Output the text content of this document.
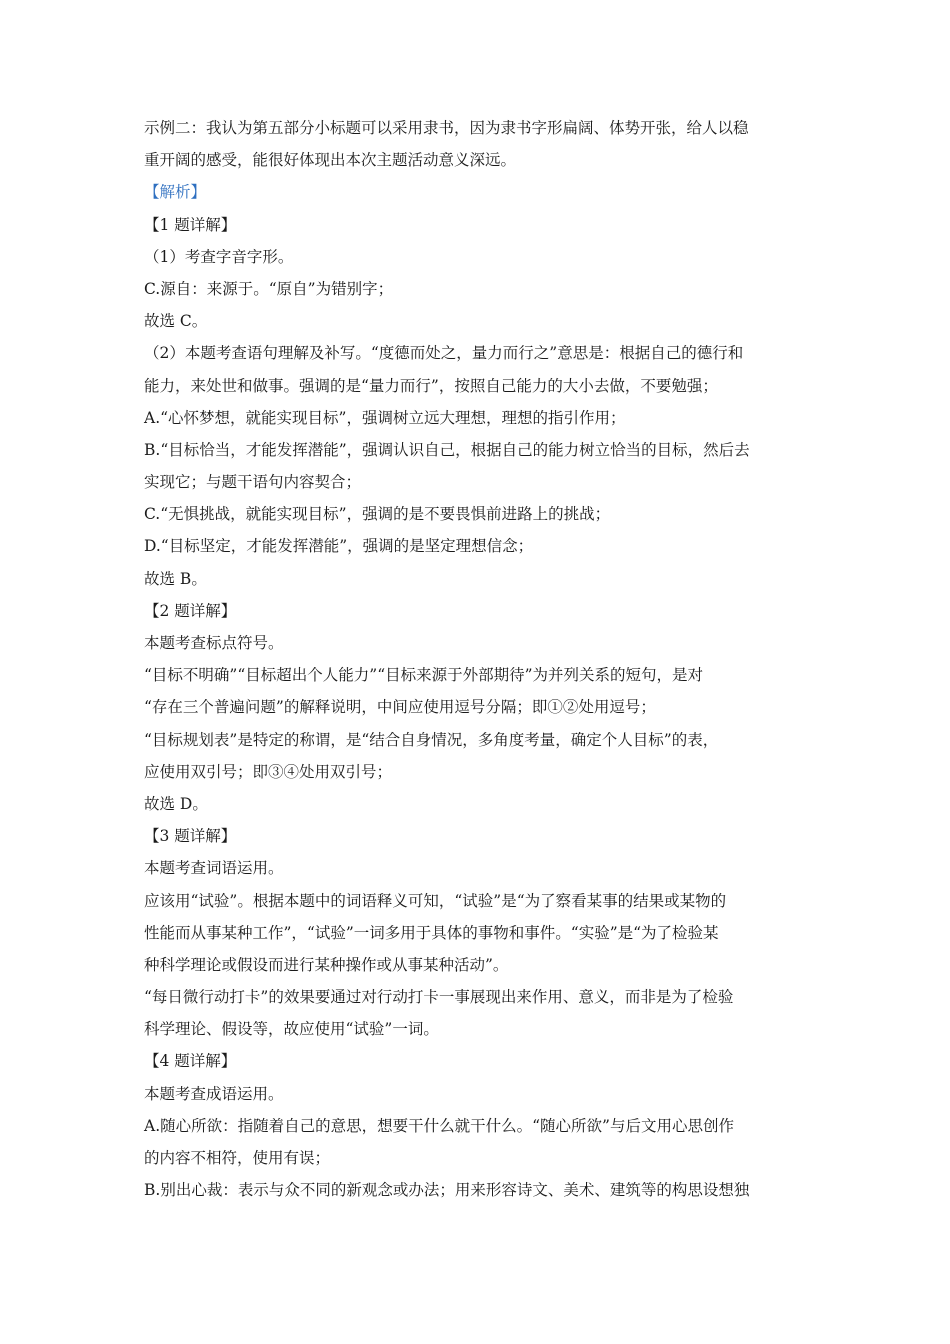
示例二：我认为第五部分小标题可以采用隶书，因为隶书字形扁阔、体势开张，给人以稳
重开阔的感受，能很好体现出本次主题活动意义深远。
【解析】
【1 题详解】
（1）考查字音字形。
C.源自：来源于。“原自”为错别字；
故选 C。
（2）本题考查语句理解及补写。“度德而处之，量力而行之”意思是：根据自己的德行和
能力，来处世和做事。强调的是“量力而行”，按照自己能力的大小去做，不要勉强；
A.“心怀梦想，就能实现目标”，强调树立远大理想，理想的指引作用；
B.“目标恰当，才能发挥潜能”，强调认识自己，根据自己的能力树立恰当的目标，然后去
实现它；与题干语句内容契合；
C.“无惧挑战，就能实现目标”，强调的是不要畏惧前进路上的挑战；
D.“目标坚定，才能发挥潜能”，强调的是坚定理想信念；
故选 B。
【2 题详解】
本题考查标点符号。
“目标不明确”“目标超出个人能力”“目标来源于外部期待”为并列关系的短句，是对
“存在三个普遍问题”的解释说明，中间应使用逗号分隔；即①②处用逗号；
“目标规划表”是特定的称谓，是“结合自身情况，多角度考量，确定个人目标”的表，
应使用双引号；即③④处用双引号；
故选 D。
【3 题详解】
本题考查词语运用。
应该用“试验”。根据本题中的词语释义可知，“试验”是“为了察看某事的结果或某物的
性能而从事某种工作”，“试验”一词多用于具体的事物和事件。“实验”是“为了检验某
种科学理论或假设而进行某种操作或从事某种活动”。
“每日微行动打卡”的效果要通过对行动打卡一事展现出来作用、意义，而非是为了检验
科学理论、假设等，故应使用“试验”一词。
【4 题详解】
本题考查成语运用。
A.随心所欲：指随着自己的意思，想要干什么就干什么。“随心所欲”与后文用心思创作
的内容不相符，使用有误；
B.别出心裁：表示与众不同的新观念或办法；用来形容诗文、美术、建筑等的构思设想独
